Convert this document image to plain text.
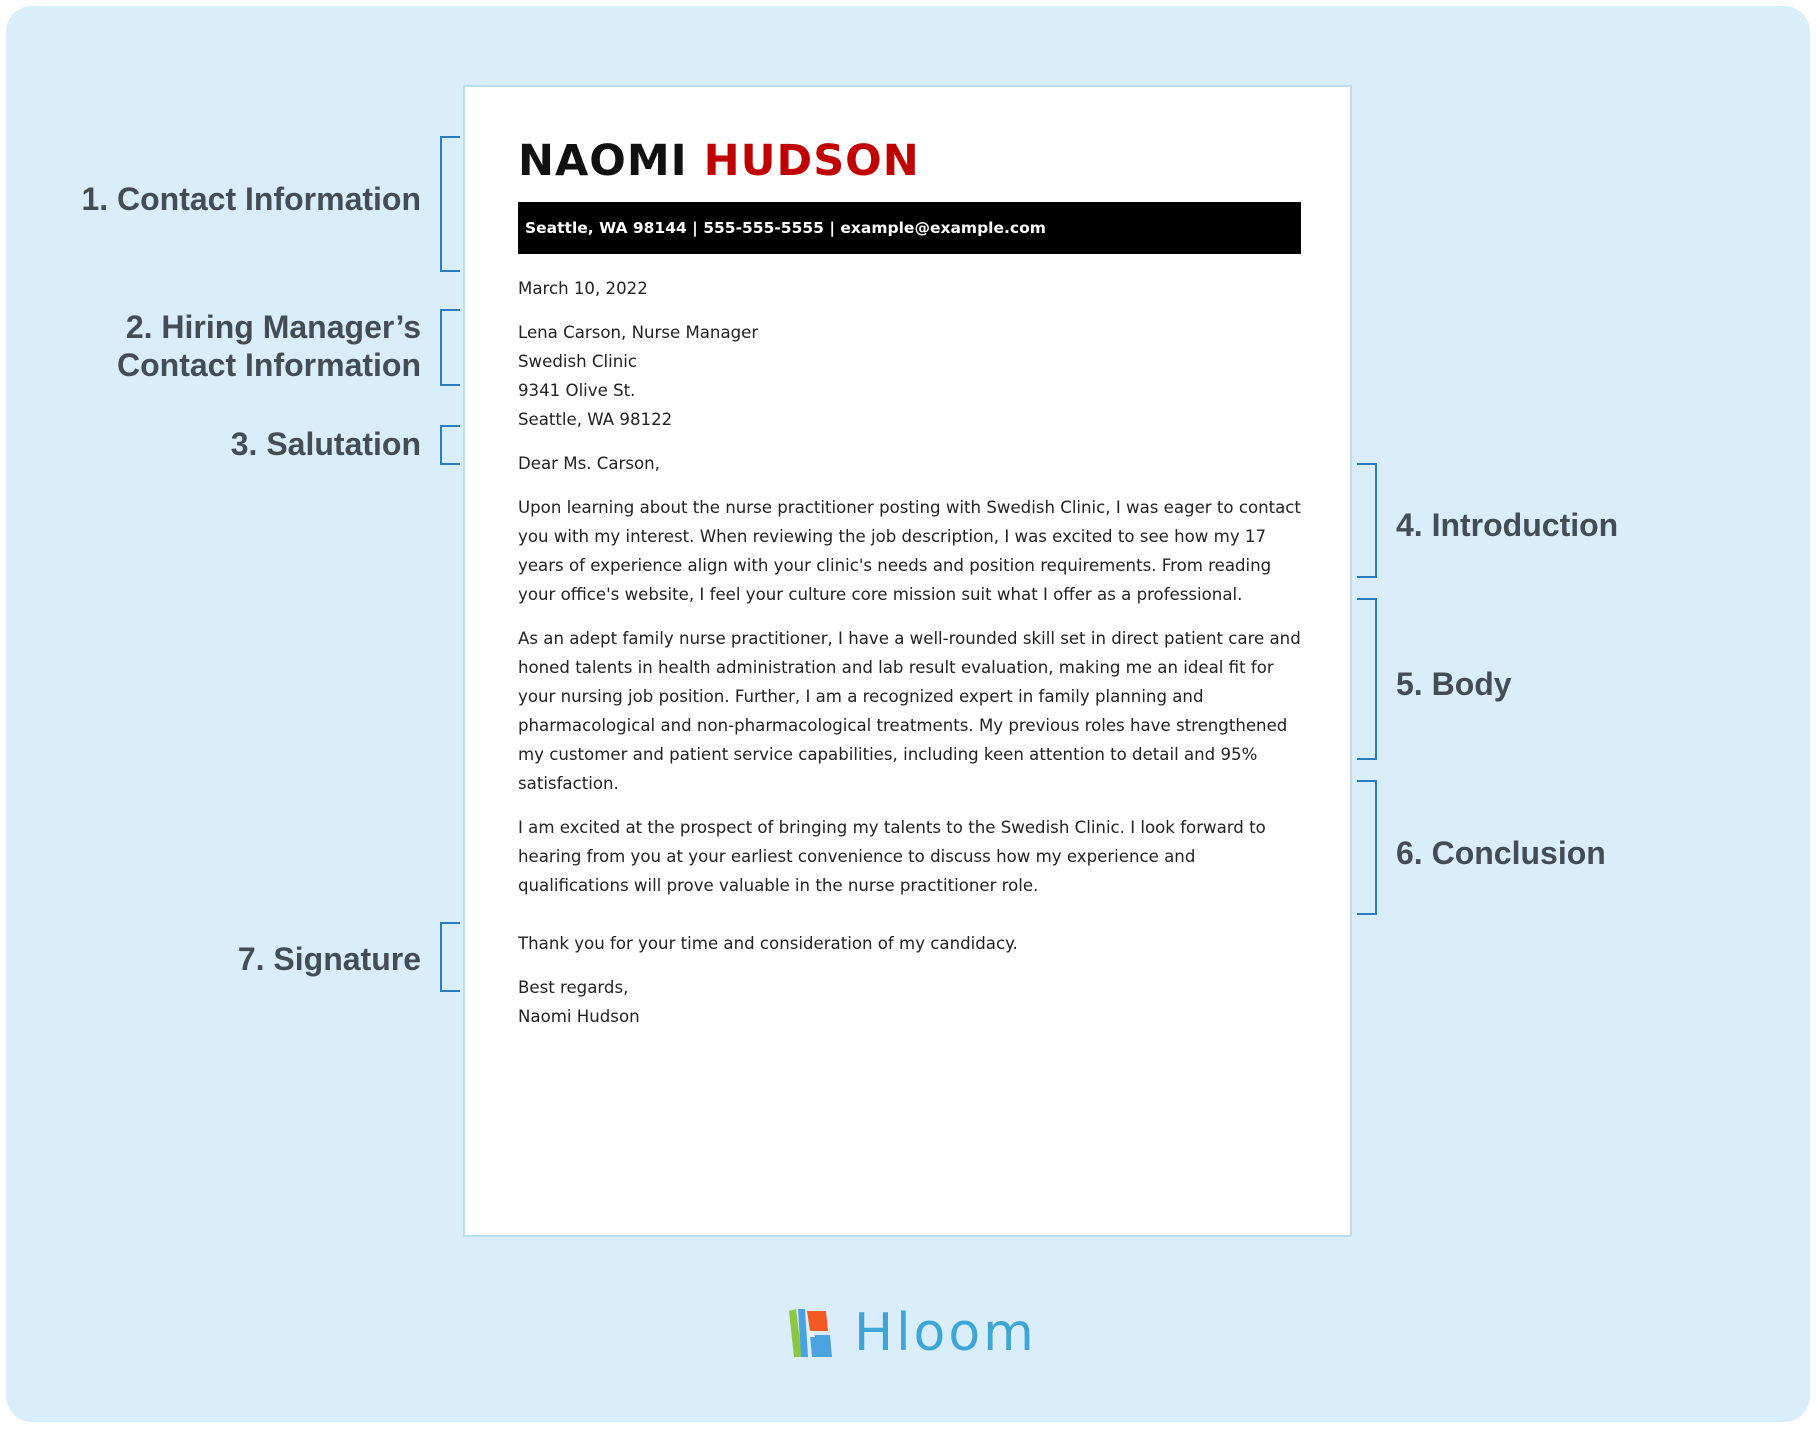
1. Contact Information
2. Hiring Manager’s
Contact Information
3. Salutation
7. Signature
4. Introduction
5. Body
6. Conclusion
NAOMI HUDSON
Seattle, WA 98144 | 555-555-5555 | example@example.com

March 10, 2022

Lena Carson, Nurse Manager
Swedish Clinic
9341 Olive St.
Seattle, WA 98122

Dear Ms. Carson,

Upon learning about the nurse practitioner posting with Swedish Clinic, I was eager to contact you with my interest. When reviewing the job description, I was excited to see how my 17 years of experience align with your clinic's needs and position requirements. From reading your office's website, I feel your culture core mission suit what I offer as a professional.

As an adept family nurse practitioner, I have a well-rounded skill set in direct patient care and honed talents in health administration and lab result evaluation, making me an ideal fit for your nursing job position. Further, I am a recognized expert in family planning and pharmacological and non-pharmacological treatments. My previous roles have strengthened my customer and patient service capabilities, including keen attention to detail and 95% satisfaction.

I am excited at the prospect of bringing my talents to the Swedish Clinic. I look forward to hearing from you at your earliest convenience to discuss how my experience and qualifications will prove valuable in the nurse practitioner role.

Thank you for your time and consideration of my candidacy.

Best regards,
Naomi Hudson

Hloom
